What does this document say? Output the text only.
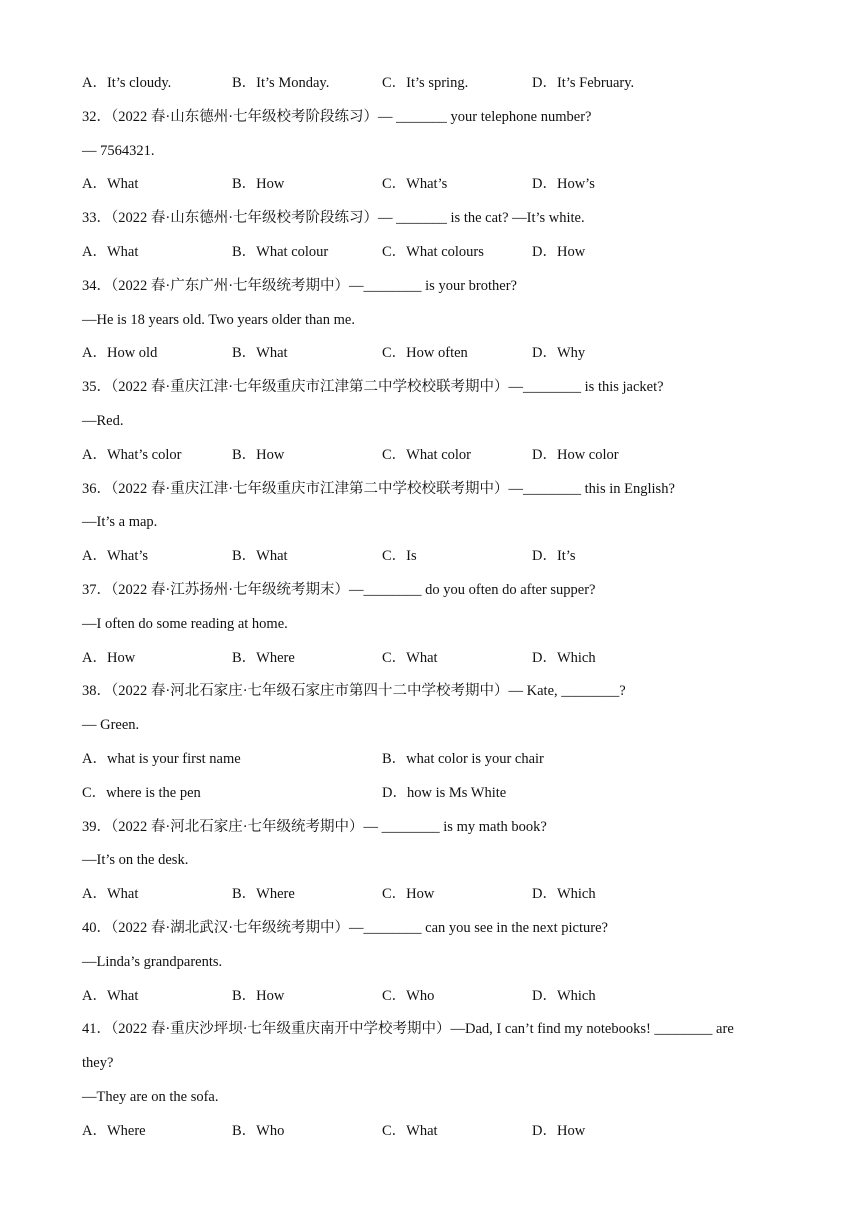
A．It’s cloudy.	B．It’s Monday.	C．It’s spring.	D．It’s February.
32．（2022 春·山东德州·七年级校考阶段练习）— _______ your telephone number?
— 7564321.
A．What	B．How	C．What’s	D．How’s
33．（2022 春·山东德州·七年级校考阶段练习）— _______ is the cat? —It’s white.
A．What	B．What colour	C．What colours	D．How
34．（2022 春·广东广州·七年级统考期中）—________ is your brother?
—He is 18 years old. Two years older than me.
A．How old	B．What	C．How often	D．Why
35．（2022 春·重庆江津·七年级重庆市江津第二中学校校联考期中）—________ is this jacket?
—Red.
A．What’s color	B．How	C．What color	D．How color
36．（2022 春·重庆江津·七年级重庆市江津第二中学校校联考期中）—________ this in English?
—It’s a map.
A．What’s	B．What	C．Is	D．It’s
37．（2022 春·江苏扬州·七年级统考期末）—________ do you often do after supper?
—I often do some reading at home.
A．How	B．Where	C．What	D．Which
38．（2022 春·河北石家庄·七年级石家庄市第四十二中学校考期中）— Kate, ________?
— Green.
A．what is your first name	B．what color is your chair
C．where is the pen	D．how is Ms White
39．（2022 春·河北石家庄·七年级统考期中）— ________ is my math book?
—It’s on the desk.
A．What	B．Where	C．How	D．Which
40．（2022 春·湖北武汉·七年级统考期中）—________ can you see in the next picture?
—Linda’s grandparents.
A．What	B．How	C．Who	D．Which
41．（2022 春·重庆沙坪坝·七年级重庆南开中学校考期中）—Dad, I can’t find my notebooks! ________ are
they?
—They are on the sofa.
A．Where	B．Who	C．What	D．How
